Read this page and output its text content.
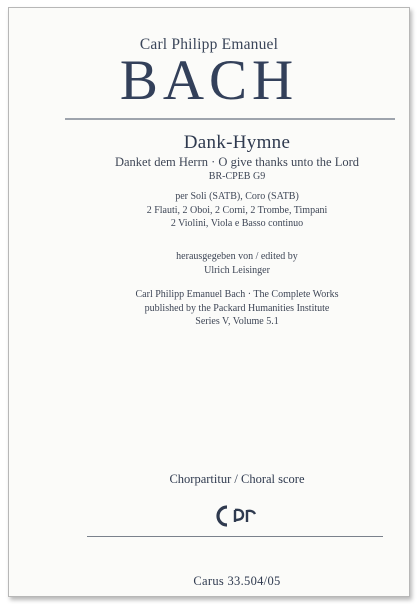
Carl Philipp Emanuel
BACH
Dank-Hymne
Danket dem Herrn · O give thanks unto the Lord
BR-CPEB G9
per Soli (SATB), Coro (SATB)
2 Flauti, 2 Oboi, 2 Corni, 2 Trombe, Timpani
2 Violini, Viola e Basso continuo
herausgegeben von / edited by
Ulrich Leisinger
Carl Philipp Emanuel Bach · The Complete Works
published by the Packard Humanities Institute
Series V, Volume 5.1
Chorpartitur / Choral score
Carus 33.504/05
